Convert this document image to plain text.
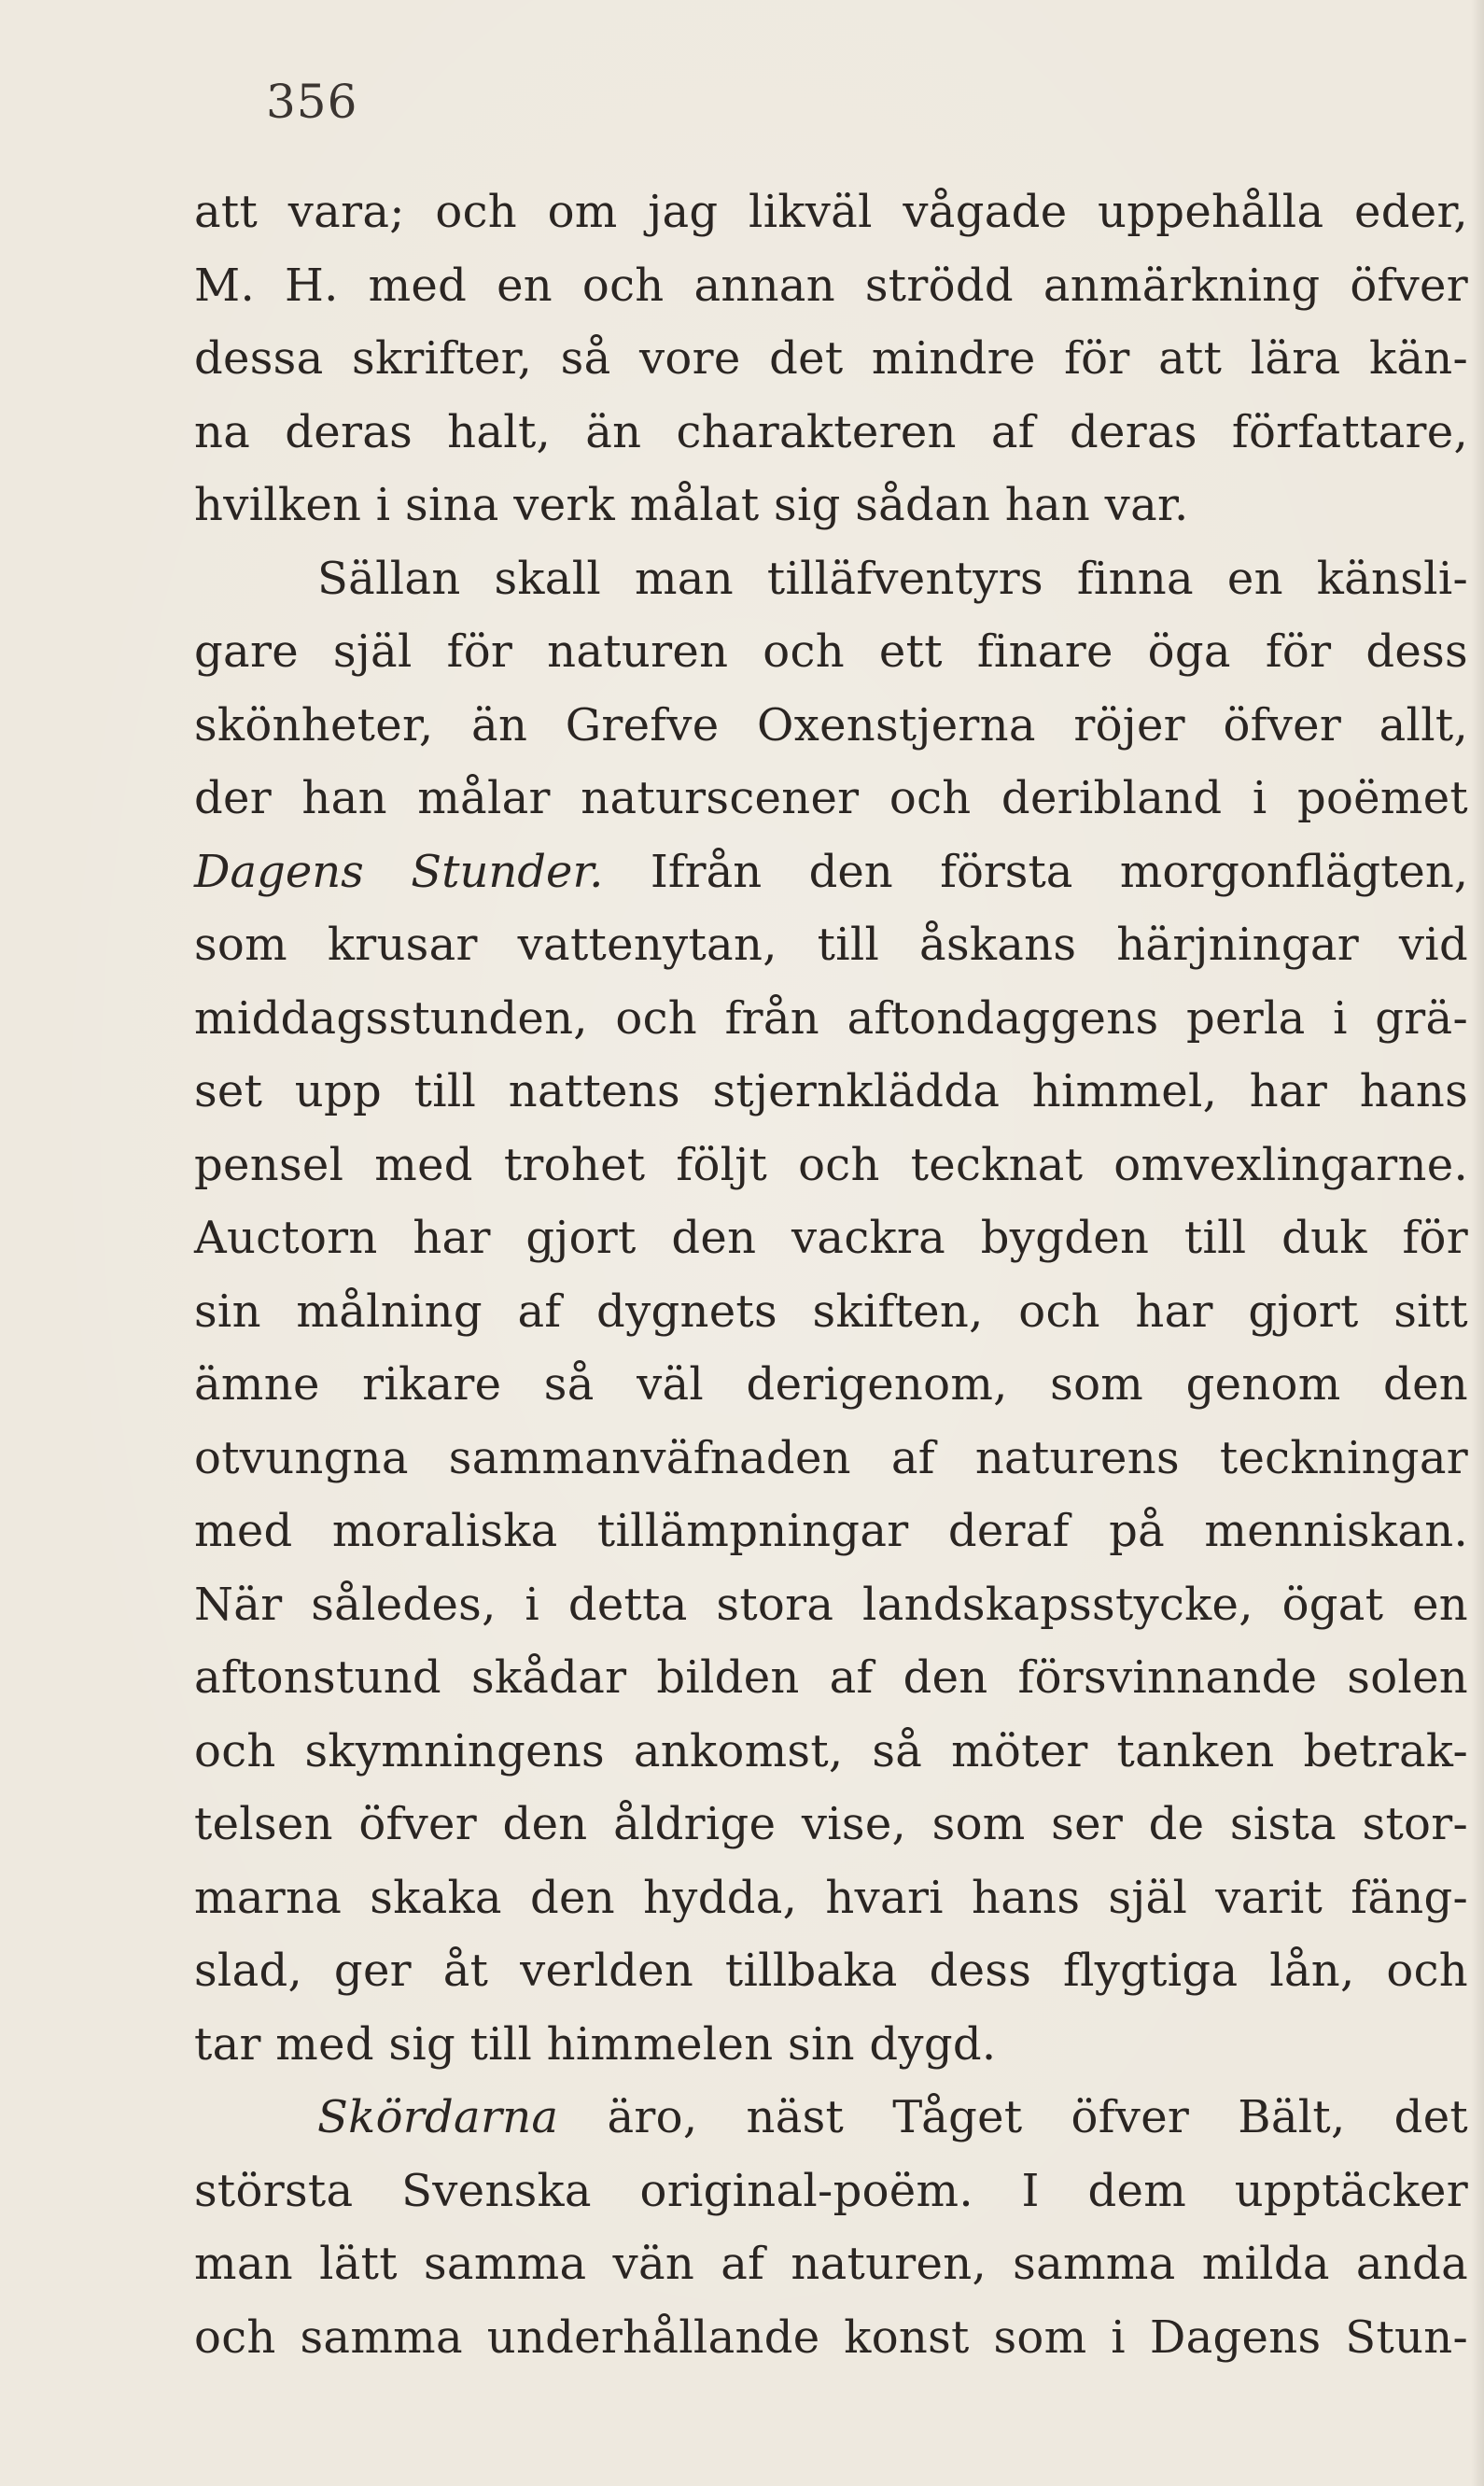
356
att vara; och om jag likväl vågade uppehålla eder,
M. H. med en och annan strödd anmärkning öfver
dessa skrifter, så vore det mindre för att lära kän-
na deras halt, än charakteren af deras författare,
hvilken i sina verk målat sig sådan han var.
Sällan skall man tilläfventyrs finna en känsli-
gare själ för naturen och ett finare öga för dess
skönheter, än Grefve Oxenstjerna röjer öfver allt,
der han målar naturscener och deribland i poëmet
Dagens Stunder. Ifrån den första morgonflägten,
som krusar vattenytan, till åskans härjningar vid
middagsstunden, och från aftondaggens perla i grä-
set upp till nattens stjernklädda himmel, har hans
pensel med trohet följt och tecknat omvexlingarne.
Auctorn har gjort den vackra bygden till duk för
sin målning af dygnets skiften, och har gjort sitt
ämne rikare så väl derigenom, som genom den
otvungna sammanväfnaden af naturens teckningar
med moraliska tillämpningar deraf på menniskan.
När således, i detta stora landskapsstycke, ögat en
aftonstund skådar bilden af den försvinnande solen
och skymningens ankomst, så möter tanken betrak-
telsen öfver den åldrige vise, som ser de sista stor-
marna skaka den hydda, hvari hans själ varit fäng-
slad, ger åt verlden tillbaka dess flygtiga lån, och
tar med sig till himmelen sin dygd.
Skördarna äro, näst Tåget öfver Bält, det
största Svenska original-poëm. I dem upptäcker
man lätt samma vän af naturen, samma milda anda
och samma underhållande konst som i Dagens Stun-
